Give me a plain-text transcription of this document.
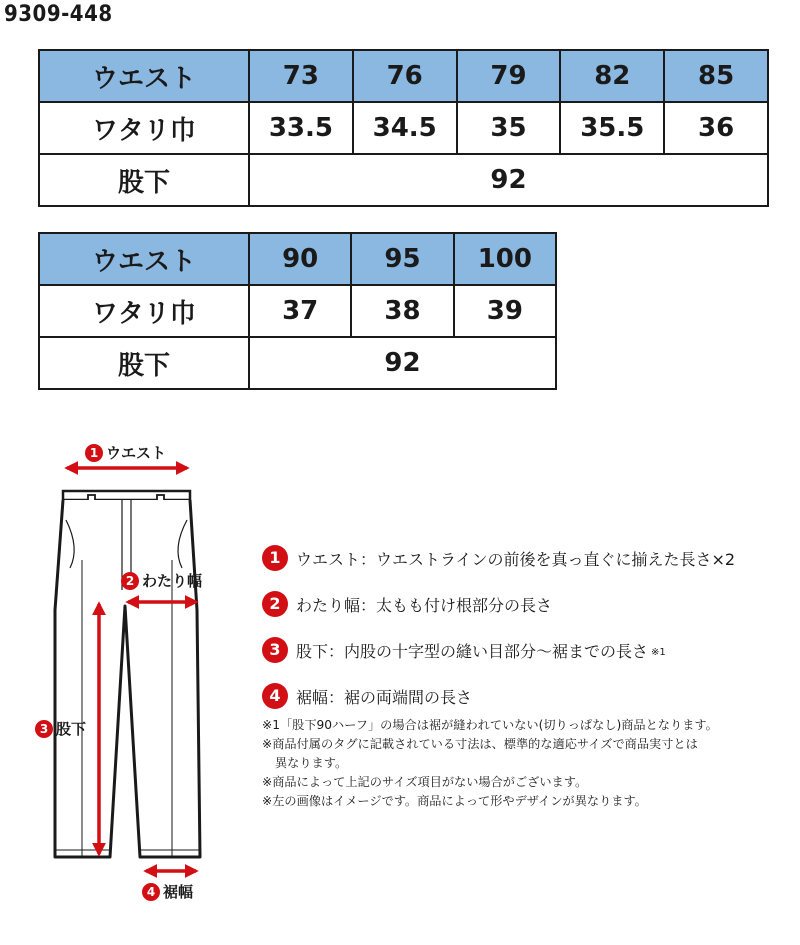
9309-448
ウエスト	73	76	79	82	85
ワタリ巾	33.5	34.5	35	35.5	36
股下	92				
ウエスト	90	95	100
ワタリ巾	37	38	39
股下	92		
1 ウエスト
2 わたり幅
3 股下
4 裾幅
1 ウエスト：ウエストラインの前後を真っ直ぐに揃えた長さ×2
2 わたり幅：太もも付け根部分の長さ
3 股下：内股の十字型の縫い目部分～裾までの長さ ※1
4 裾幅：裾の両端間の長さ
※1「股下90ハーフ」の場合は裾が縫われていない(切りっぱなし)商品となります。
※商品付属のタグに記載されている寸法は、標準的な適応サイズで商品実寸とは
異なります。
※商品によって上記のサイズ項目がない場合がございます。
※左の画像はイメージです。商品によって形やデザインが異なります。
